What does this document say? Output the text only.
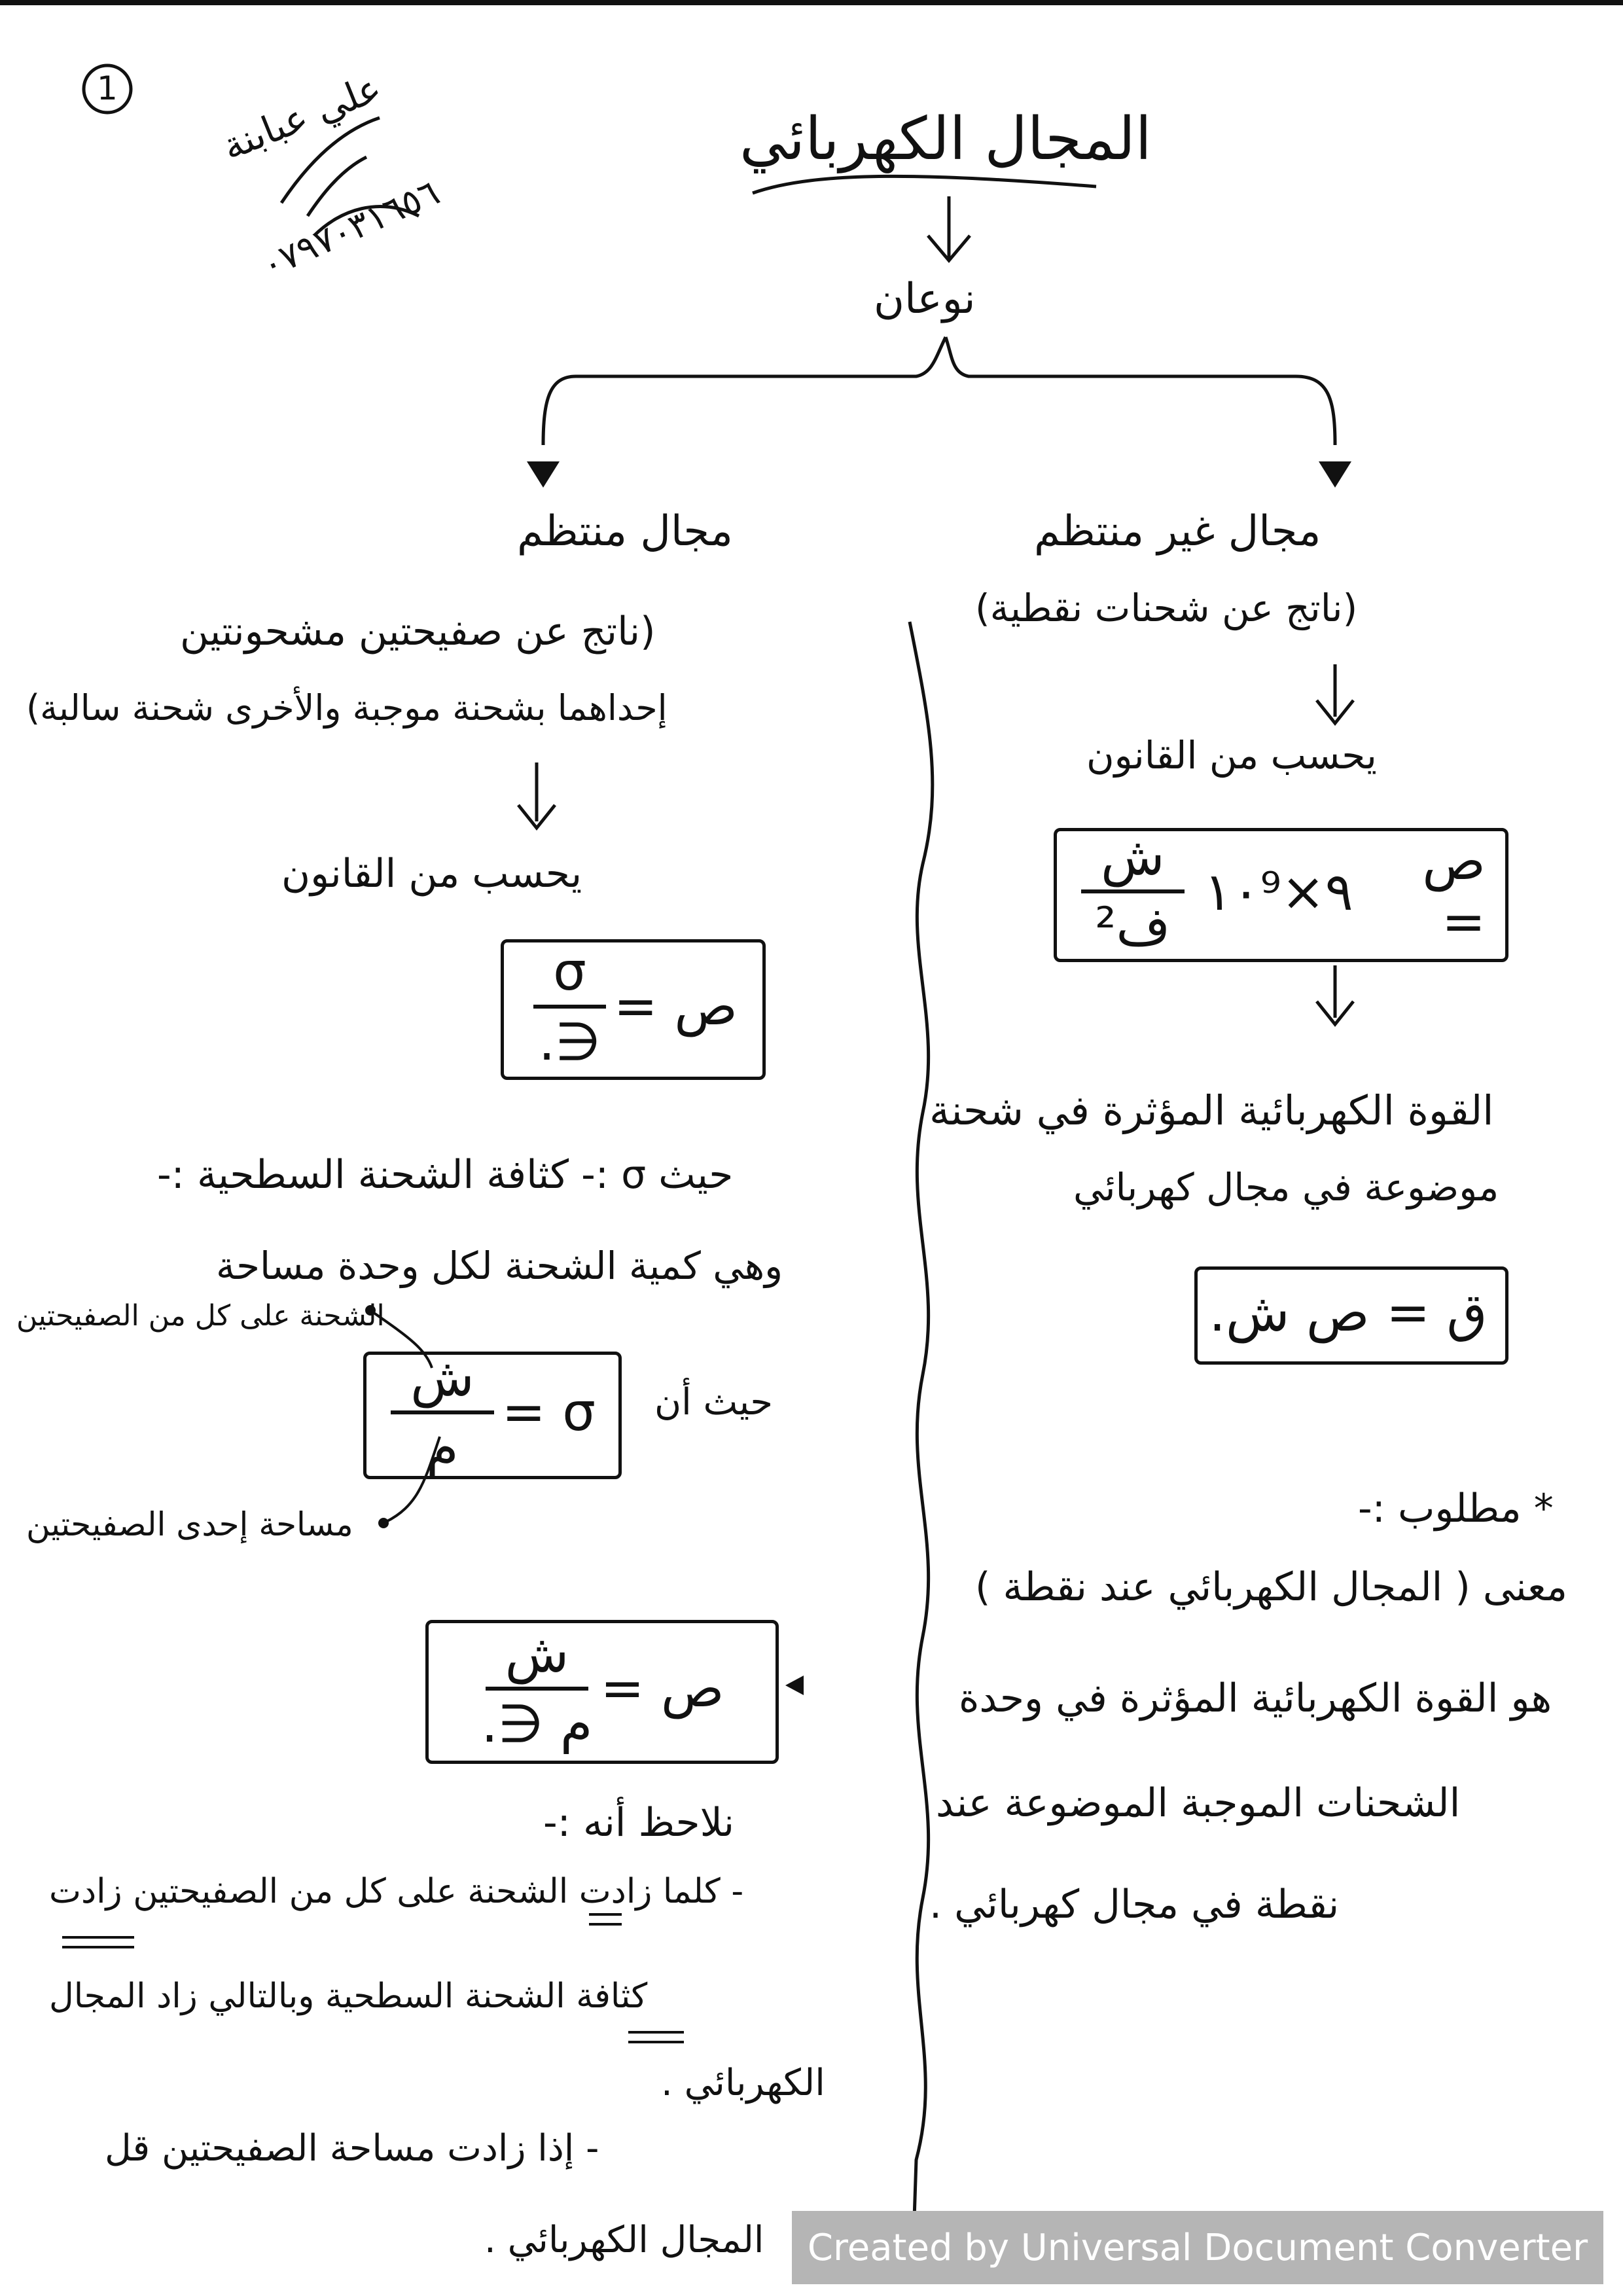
1
المجال الكهربائي
نوعان
علي عبابنة
٠٧٩٧٠٣١٦٥٦
مجال غير منتظم
(ناتج عن شحنات نقطية)
يحسب من القانون
ص =
٩×١٠⁹
$\frac{\text{ش}}{\text{ف²}}$
القوة الكهربائية المؤثرة في شحنة
موضوعة في مجال كهربائي
ق = ص ش.
مجال منتظم
(ناتج عن صفيحتين مشحونتين
إحداهما بشحنة موجبة والأخرى شحنة سالبة)
يحسب من القانون
ص =
$\frac{\sigma}{\in.}$
حيث σ :- كثافة الشحنة السطحية :-
وهي كمية الشحنة لكل وحدة مساحة
الشحنة على كل من الصفيحتين
حيث أن
σ =
$\frac{\text{ش}}{\text{م}}$
مساحة إحدى الصفيحتين
ص =
$\frac{\text{ش}}{\text{م ∈.}}$
نلاحظ أنه :-
- كلما زادت الشحنة على كل من الصفيحتين زادت
كثافة الشحنة السطحية وبالتالي زاد المجال
الكهربائي .
- إذا زادت مساحة الصفيحتين قل
المجال الكهربائي .
* مطلوب :-
معنى ( المجال الكهربائي عند نقطة )
هو القوة الكهربائية المؤثرة في وحدة
الشحنات الموجبة الموضوعة عند
نقطة في مجال كهربائي .
Created by Universal Document Converter
